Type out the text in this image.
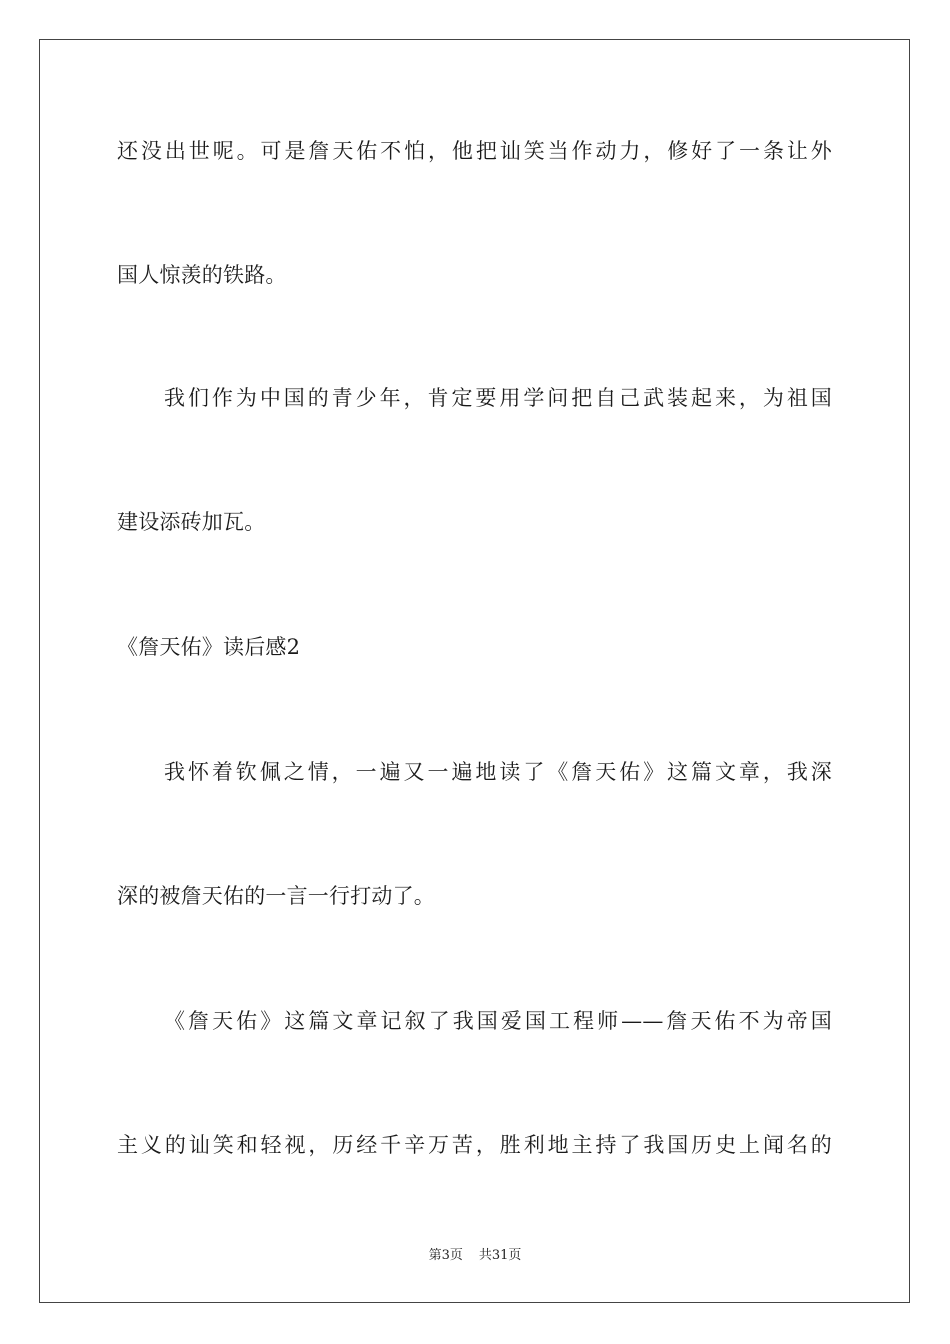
还没出世呢。可是詹天佑不怕，他把讪笑当作动力，修好了一条让外
国人惊羡的铁路。
我们作为中国的青少年，肯定要用学问把自己武装起来，为祖国
建设添砖加瓦。
《詹天佑》读后感2
我怀着钦佩之情，一遍又一遍地读了《詹天佑》这篇文章，我深
深的被詹天佑的一言一行打动了。
《詹天佑》这篇文章记叙了我国爱国工程师——詹天佑不为帝国
主义的讪笑和轻视，历经千辛万苦，胜利地主持了我国历史上闻名的
第3页 共31页
